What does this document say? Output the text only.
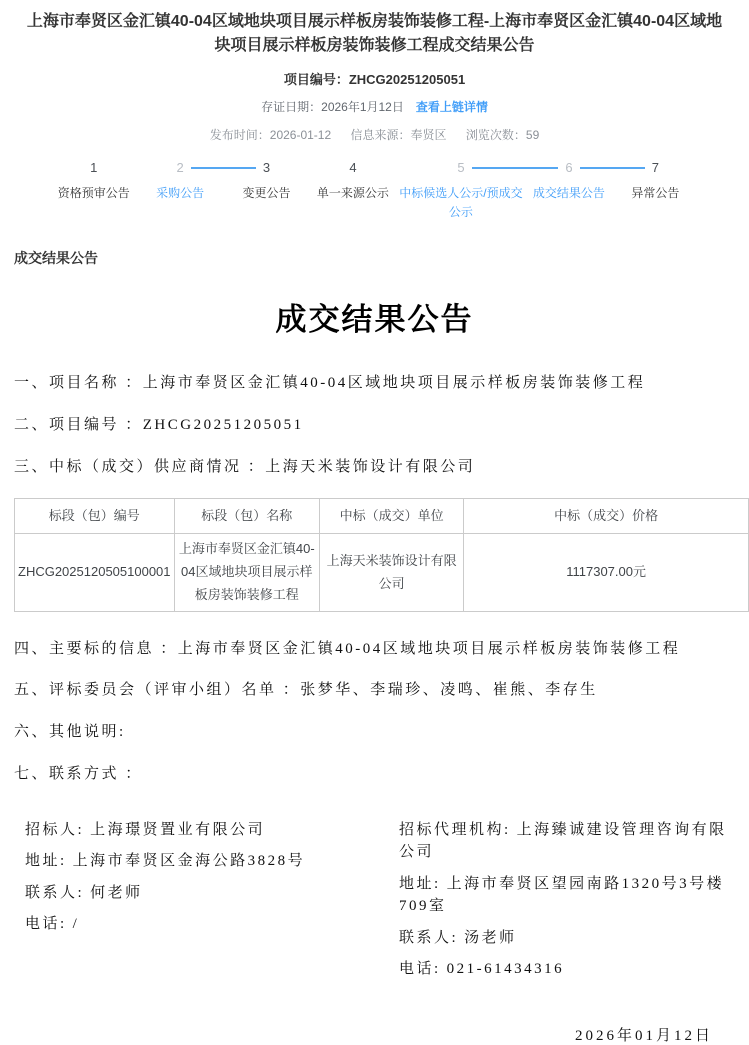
上海市奉贤区金汇镇40-04区域地块项目展示样板房装饰装修工程-上海市奉贤区金汇镇40-04区域地块项目展示样板房装饰装修工程成交结果公告
项目编号：ZHCG20251205051
存证日期：2026年1月12日 查看上链详情
发布时间：2026-01-12 信息来源：奉贤区 浏览次数：59
1
资格预审公告
2
采购公告
3
变更公告
4
单一来源公示
5
中标候选人公示/预成交公示
6
成交结果公告
7
异常公告
成交结果公告
成交结果公告

一、项目名称 ：上海市奉贤区金汇镇40-04区域地块项目展示样板房装饰装修工程

二、项目编号 ：ZHCG20251205051

三、中标（成交）供应商情况 ：上海天米装饰设计有限公司

标段（包）编号	标段（包）名称	中标（成交）单位	中标（成交）价格
ZHCG2025120505100001	上海市奉贤区金汇镇40-04区域地块项目展示样板房装饰装修工程	上海天米装饰设计有限公司	1117307.00元

四、主要标的信息 ：上海市奉贤区金汇镇40-04区域地块项目展示样板房装饰装修工程

五、评标委员会（评审小组）名单 ：张梦华、李瑞珍、凌鸣、崔熊、李存生

六、其他说明:

七、联系方式 ：

招标人: 上海璟贤置业有限公司

地址: 上海市奉贤区金海公路3828号

联系人: 何老师

电话: /

招标代理机构: 上海臻诚建设管理咨询有限公司

地址: 上海市奉贤区望园南路1320号3号楼709室

联系人: 汤老师

电话: 021-61434316

2026年01月12日
